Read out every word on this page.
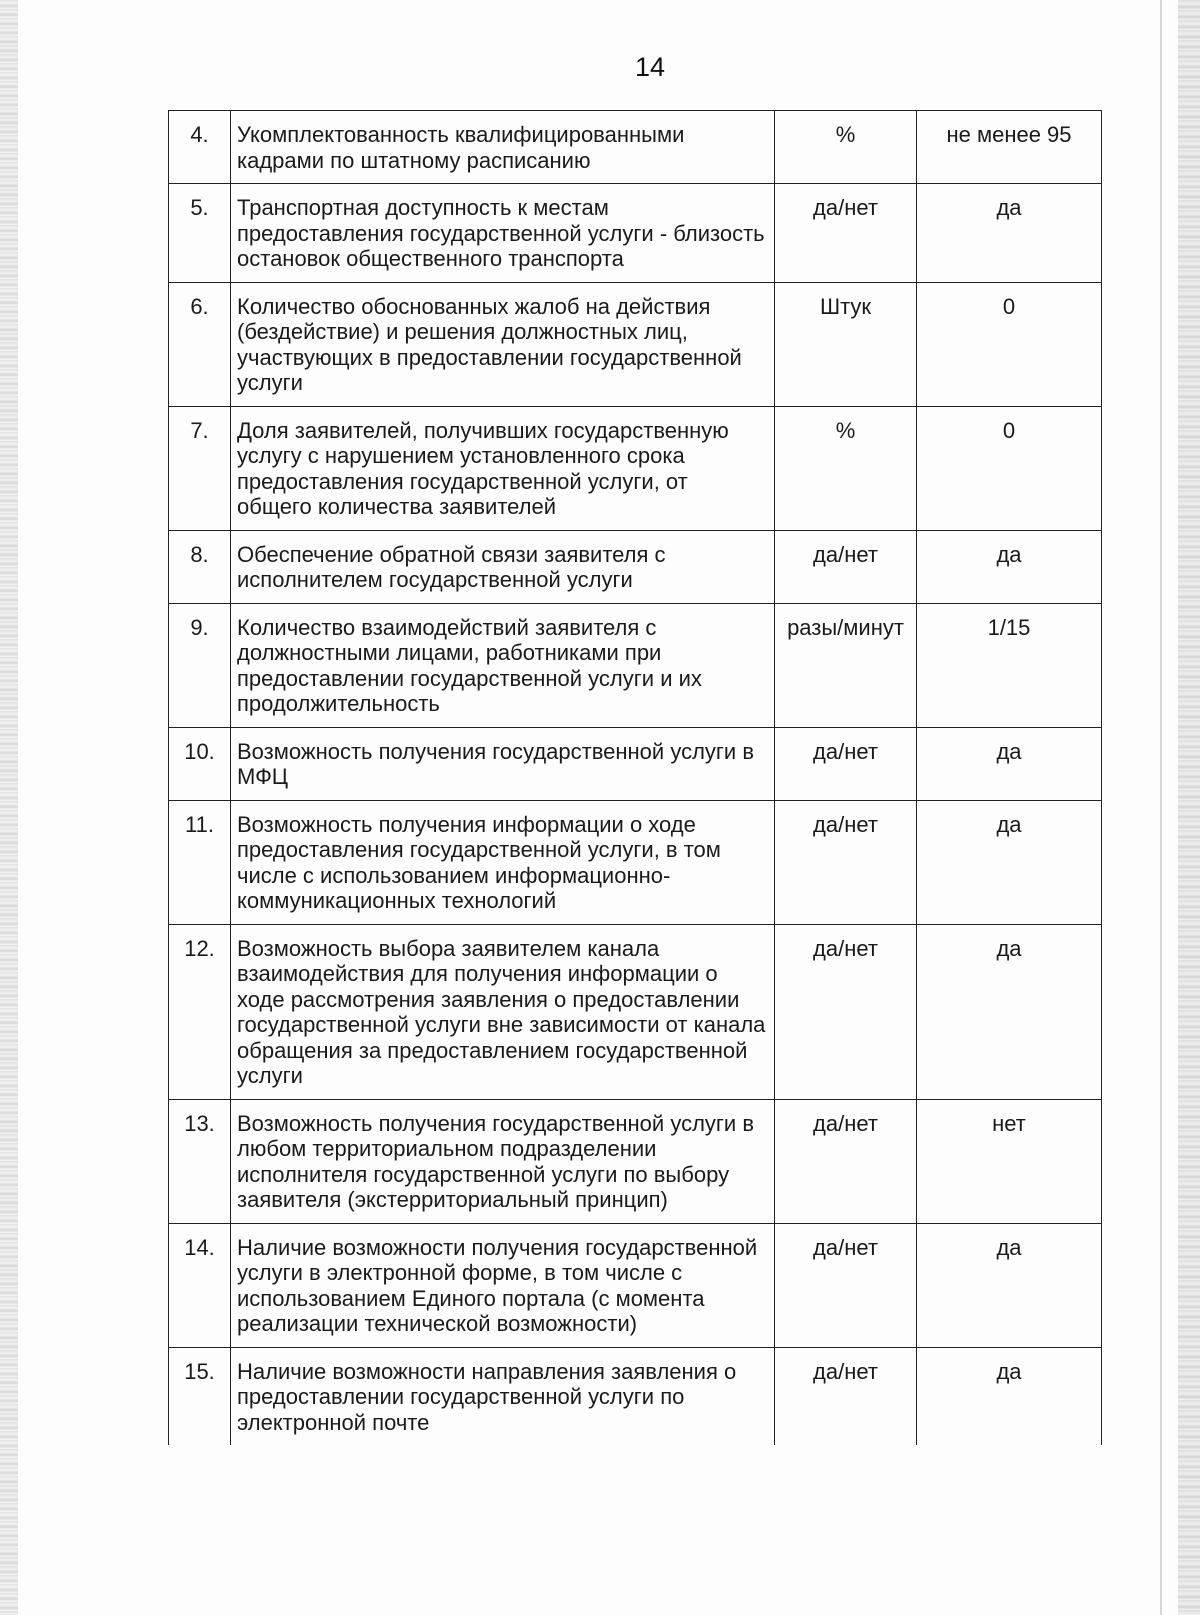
14
4.	Укомплектованность квалифицированными кадрами по штатному расписанию	%	не менее 95
5.	Транспортная доступность к местам предоставления государственной услуги - близость остановок общественного транспорта	да/нет	да
6.	Количество обоснованных жалоб на действия (бездействие) и решения должностных лиц, участвующих в предоставлении государственной услуги	Штук	0
7.	Доля заявителей, получивших государственную услугу с нарушением установленного срока предоставления государственной услуги, от общего количества заявителей	%	0
8.	Обеспечение обратной связи заявителя с исполнителем государственной услуги	да/нет	да
9.	Количество взаимодействий заявителя с должностными лицами, работниками при предоставлении государственной услуги и их продолжительность	разы/минут	1/15
10.	Возможность получения государственной услуги в МФЦ	да/нет	да
11.	Возможность получения информации о ходе предоставления государственной услуги, в том числе с использованием информационно-коммуникационных технологий	да/нет	да
12.	Возможность выбора заявителем канала взаимодействия для получения информации о ходе рассмотрения заявления о предоставлении государственной услуги вне зависимости от канала обращения за предоставлением государственной услуги	да/нет	да
13.	Возможность получения государственной услуги в любом территориальном подразделении исполнителя государственной услуги по выбору заявителя (экстерриториальный принцип)	да/нет	нет
14.	Наличие возможности получения государственной услуги в электронной форме, в том числе с использованием Единого портала (с момента реализации технической возможности)	да/нет	да
15.	Наличие возможности направления заявления о предоставлении государственной услуги по электронной почте	да/нет	да
